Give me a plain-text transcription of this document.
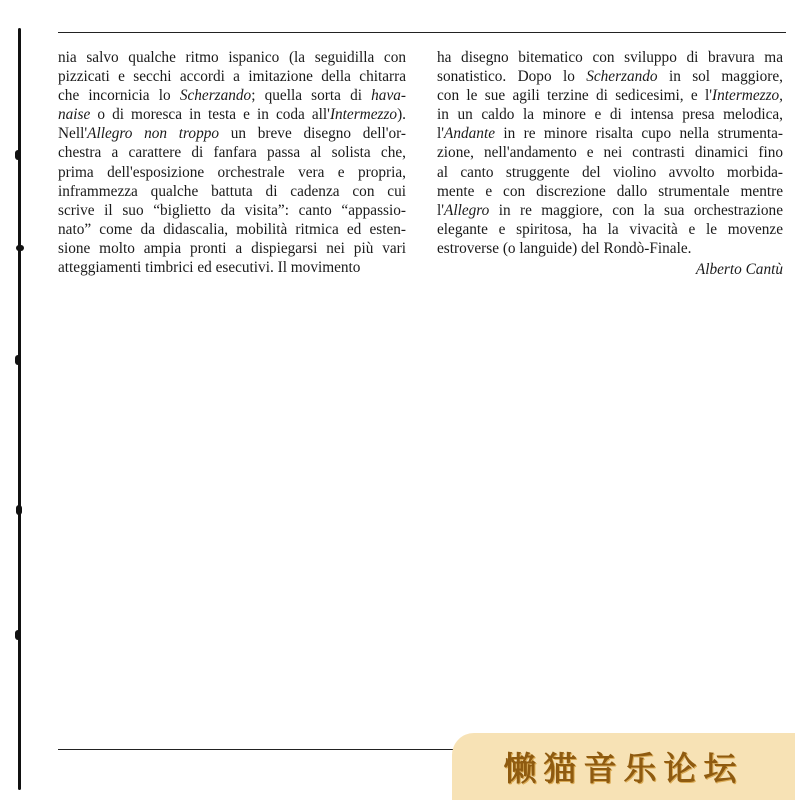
nia salvo qualche ritmo ispanico (la seguidilla con
pizzicati e secchi accordi a imitazione della chitarra
che incornicia lo Scherzando; quella sorta di hava-
naise o di moresca in testa e in coda all'Intermezzo).
Nell'Allegro non troppo un breve disegno dell'or-
chestra a carattere di fanfara passa al solista che,
prima dell'esposizione orchestrale vera e propria,
inframmezza qualche battuta di cadenza con cui
scrive il suo “biglietto da visita”: canto “appassio-
nato” come da didascalia, mobilità ritmica ed esten-
sione molto ampia pronti a dispiegarsi nei più vari
atteggiamenti timbrici ed esecutivi. Il movimento
ha disegno bitematico con sviluppo di bravura ma
sonatistico. Dopo lo Scherzando in sol maggiore,
con le sue agili terzine di sedicesimi, e l'Intermezzo,
in un caldo la minore e di intensa presa melodica,
l'Andante in re minore risalta cupo nella strumenta-
zione, nell'andamento e nei contrasti dinamici fino
al canto struggente del violino avvolto morbida-
mente e con discrezione dallo strumentale mentre
l'Allegro in re maggiore, con la sua orchestrazione
elegante e spiritosa, ha la vivacità e le movenze
estroverse (o languide) del Rondò-Finale.
Alberto Cantù
懒猫音乐论坛
